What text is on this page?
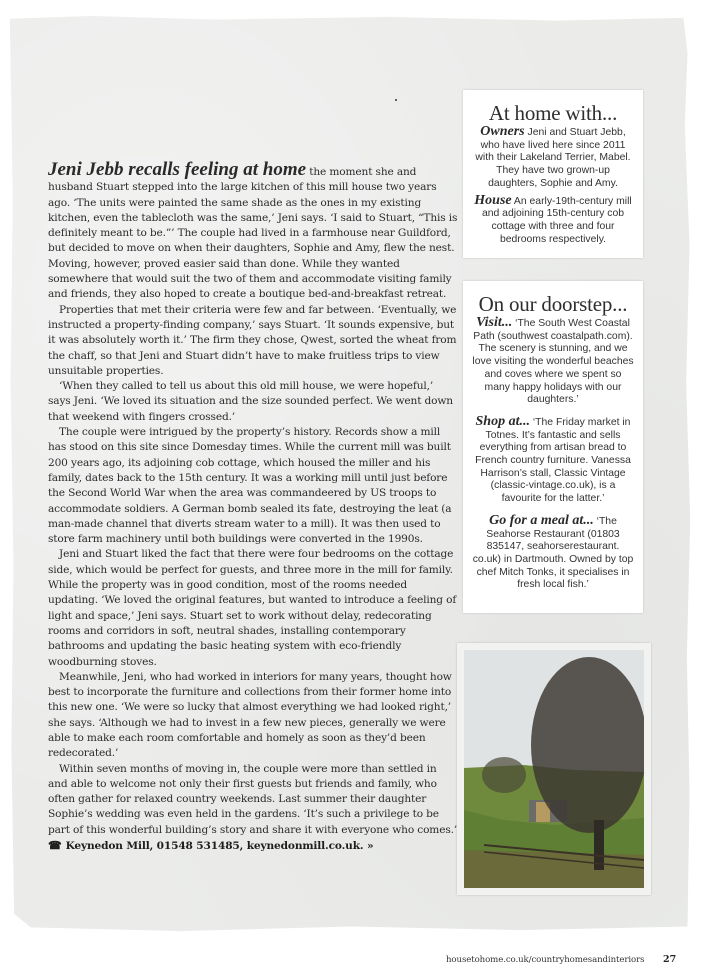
Jeni Jebb recalls feeling at home the moment she and husband Stuart stepped into the large kitchen of this mill house two years ago. ‘The units were painted the same shade as the ones in my existing kitchen, even the tablecloth was the same,’ Jeni says. ‘I said to Stuart, “This is definitely meant to be.”’ The couple had lived in a farmhouse near Guildford, but decided to move on when their daughters, Sophie and Amy, flew the nest. Moving, however, proved easier said than done. While they wanted somewhere that would suit the two of them and accommodate visiting family and friends, they also hoped to create a boutique bed-and-breakfast retreat.

Properties that met their criteria were few and far between. ‘Eventually, we instructed a property-finding company,’ says Stuart. ‘It sounds expensive, but it was absolutely worth it.’ The firm they chose, Qwest, sorted the wheat from the chaff, so that Jeni and Stuart didn’t have to make fruitless trips to view unsuitable properties.

‘When they called to tell us about this old mill house, we were hopeful,’ says Jeni. ‘We loved its situation and the size sounded perfect. We went down that weekend with fingers crossed.’

The couple were intrigued by the property’s history. Records show a mill has stood on this site since Domesday times. While the current mill was built 200 years ago, its adjoining cob cottage, which housed the miller and his family, dates back to the 15th century. It was a working mill until just before the Second World War when the area was commandeered by US troops to accommodate soldiers. A German bomb sealed its fate, destroying the leat (a man-made channel that diverts stream water to a mill). It was then used to store farm machinery until both buildings were converted in the 1990s.

Jeni and Stuart liked the fact that there were four bedrooms on the cottage side, which would be perfect for guests, and three more in the mill for family. While the property was in good condition, most of the rooms needed updating. ‘We loved the original features, but wanted to introduce a feeling of light and space,’ Jeni says. Stuart set to work without delay, redecorating rooms and corridors in soft, neutral shades, installing contemporary bathrooms and updating the basic heating system with eco-friendly woodburning stoves.

Meanwhile, Jeni, who had worked in interiors for many years, thought how best to incorporate the furniture and collections from their former home into this new one. ‘We were so lucky that almost everything we had looked right,’ she says. ‘Although we had to invest in a few new pieces, generally we were able to make each room comfortable and homely as soon as they’d been redecorated.’

Within seven months of moving in, the couple were more than settled in and able to welcome not only their first guests but friends and family, who often gather for relaxed country weekends. Last summer their daughter Sophie’s wedding was even held in the gardens. ‘It’s such a privilege to be part of this wonderful building’s story and share it with everyone who comes.’

☎ Keynedon Mill, 01548 531485, keynedonmill.co.uk. »
At home with...

Owners Jeni and Stuart Jebb, who have lived here since 2011 with their Lakeland Terrier, Mabel. They have two grown-up daughters, Sophie and Amy.

House An early-19th-century mill and adjoining 15th-century cob cottage with three and four bedrooms respectively.

On our doorstep...

Visit... ‘The South West Coastal Path (southwest coastalpath.com). The scenery is stunning, and we love visiting the wonderful beaches and coves where we spent so many happy holidays with our daughters.’

Shop at... ‘The Friday market in Totnes. It’s fantastic and sells everything from artisan bread to French country furniture. Vanessa Harrison’s stall, Classic Vintage (classic-vintage.co.uk), is a favourite for the latter.’

Go for a meal at... ‘The Seahorse Restaurant (01803 835147, seahorserestaurant. co.uk) in Dartmouth. Owned by top chef Mitch Tonks, it specialises in fresh local fish.’

housetohome.co.uk/countryhomesandinteriors 27
